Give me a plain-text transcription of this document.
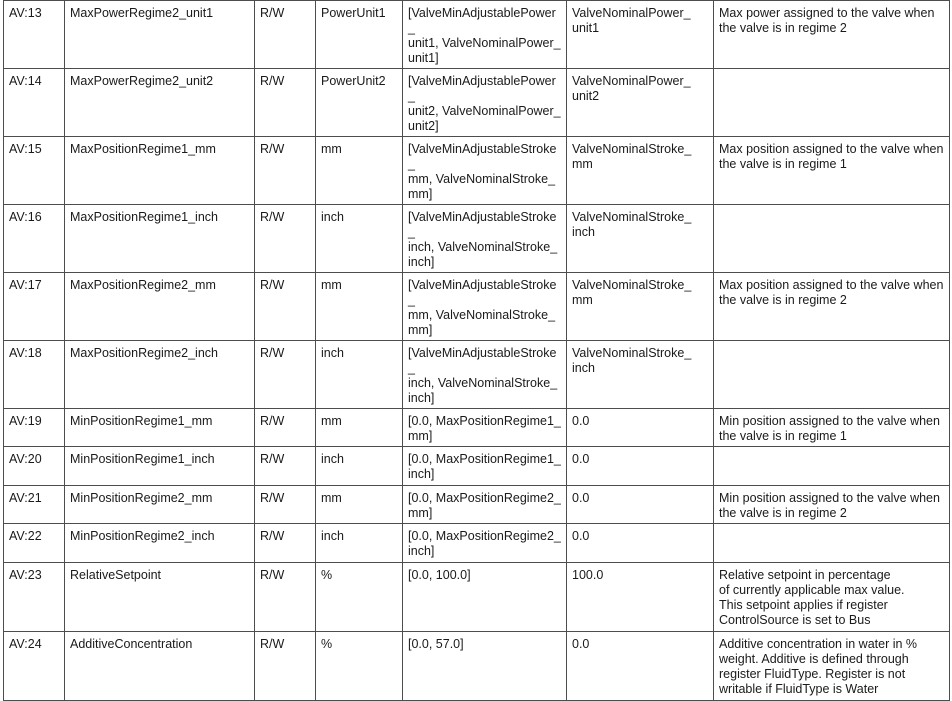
AV:13	MaxPowerRegime2_unit1	R/W	PowerUnit1	[ValveMinAdjustablePower_
unit1, ValveNominalPower_
unit1]	ValveNominalPower_
unit1	Max power assigned to the valve when the valve is in regime 2

AV:14	MaxPowerRegime2_unit2	R/W	PowerUnit2	[ValveMinAdjustablePower_
unit2, ValveNominalPower_
unit2]	ValveNominalPower_
unit2	

AV:15	MaxPositionRegime1_mm	R/W	mm	[ValveMinAdjustableStroke_
mm, ValveNominalStroke_
mm]	ValveNominalStroke_
mm	Max position assigned to the valve when the valve is in regime 1

AV:16	MaxPositionRegime1_inch	R/W	inch	[ValveMinAdjustableStroke_
inch, ValveNominalStroke_
inch]	ValveNominalStroke_
inch	

AV:17	MaxPositionRegime2_mm	R/W	mm	[ValveMinAdjustableStroke_
mm, ValveNominalStroke_
mm]	ValveNominalStroke_
mm	Max position assigned to the valve when the valve is in regime 2

AV:18	MaxPositionRegime2_inch	R/W	inch	[ValveMinAdjustableStroke_
inch, ValveNominalStroke_
inch]	ValveNominalStroke_
inch	

AV:19	MinPositionRegime1_mm	R/W	mm	[0.0, MaxPositionRegime1_
mm]	0.0	Min position assigned to the valve when the valve is in regime 1

AV:20	MinPositionRegime1_inch	R/W	inch	[0.0, MaxPositionRegime1_
inch]	0.0	

AV:21	MinPositionRegime2_mm	R/W	mm	[0.0, MaxPositionRegime2_
mm]	0.0	Min position assigned to the valve when the valve is in regime 2

AV:22	MinPositionRegime2_inch	R/W	inch	[0.0, MaxPositionRegime2_
inch]	0.0	

AV:23	RelativeSetpoint	R/W	%	[0.0, 100.0]	100.0	Relative setpoint in percentage
of currently applicable max value.
This setpoint applies if register
ControlSource is set to Bus

AV:24	AdditiveConcentration	R/W	%	[0.0, 57.0]	0.0	Additive concentration in water in %
weight. Additive is defined through
register FluidType. Register is not
writable if FluidType is Water
